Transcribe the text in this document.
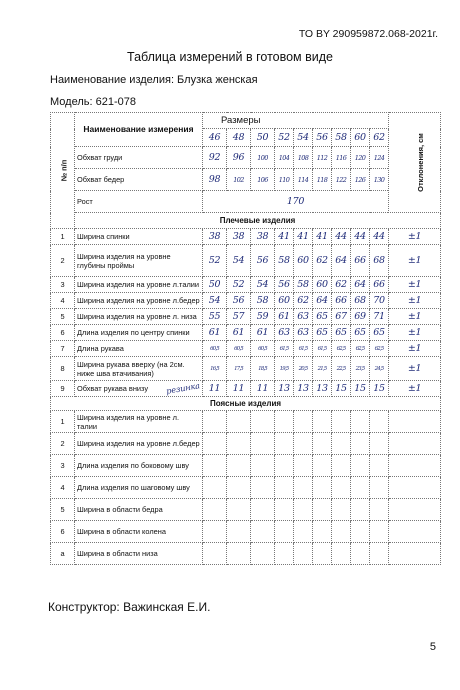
ТО BY 290959872.068-2021г.
Таблица измерений в готовом виде
Наименование изделия: Блузка женская
Модель: 621-078
№ п/п	Наименование измерения	Размеры									Отклонения, см
		46	48	50	52	54	56	58	60	62	
	Обхват груди	92	96	100	104	108	112	116	120	124	
	Обхват бедер	98	102	106	110	114	118	122	126	130	
	Рост	170									
	Плечевые изделия										
1	Ширина спинки	38	38	38	41	41	41	44	44	44	±1
2	Ширина изделия на уровне глубины проймы	52	54	56	58	60	62	64	66	68	±1
3	Ширина изделия на уровне л.талии	50	52	54	56	58	60	62	64	66	±1
4	Ширина изделия на уровне л.бедер	54	56	58	60	62	64	66	68	70	±1
5	Ширина изделия на уровне л. низа	55	57	59	61	63	65	67	69	71	±1
6	Длина изделия по центру спинки	61	61	61	63	63	65	65	65	65	±1
7	Длина рукава	60,5	60,5	60,5	61,5	61,5	61,5	62,5	62,5	62,5	±1
8	Ширина рукава вверху (на 2см. ниже шва втачивания)	16,5	17,5	18,5	19,5	20,5	21,5	22,5	23,5	24,5	±1
9	Обхват рукава внизу резинка	11	11	11	13	13	13	15	15	15	±1
Поясные изделия											
1	Ширина изделия на уровне л. талии										
2	Ширина изделия на уровне л.бедер										
3	Длина изделия по боковому шву										
4	Длина изделия по шаговому шву										
5	Ширина в области бедра										
6	Ширина в области колена										
а	Ширина в области низа										
Конструктор: Важинская Е.И.
5
